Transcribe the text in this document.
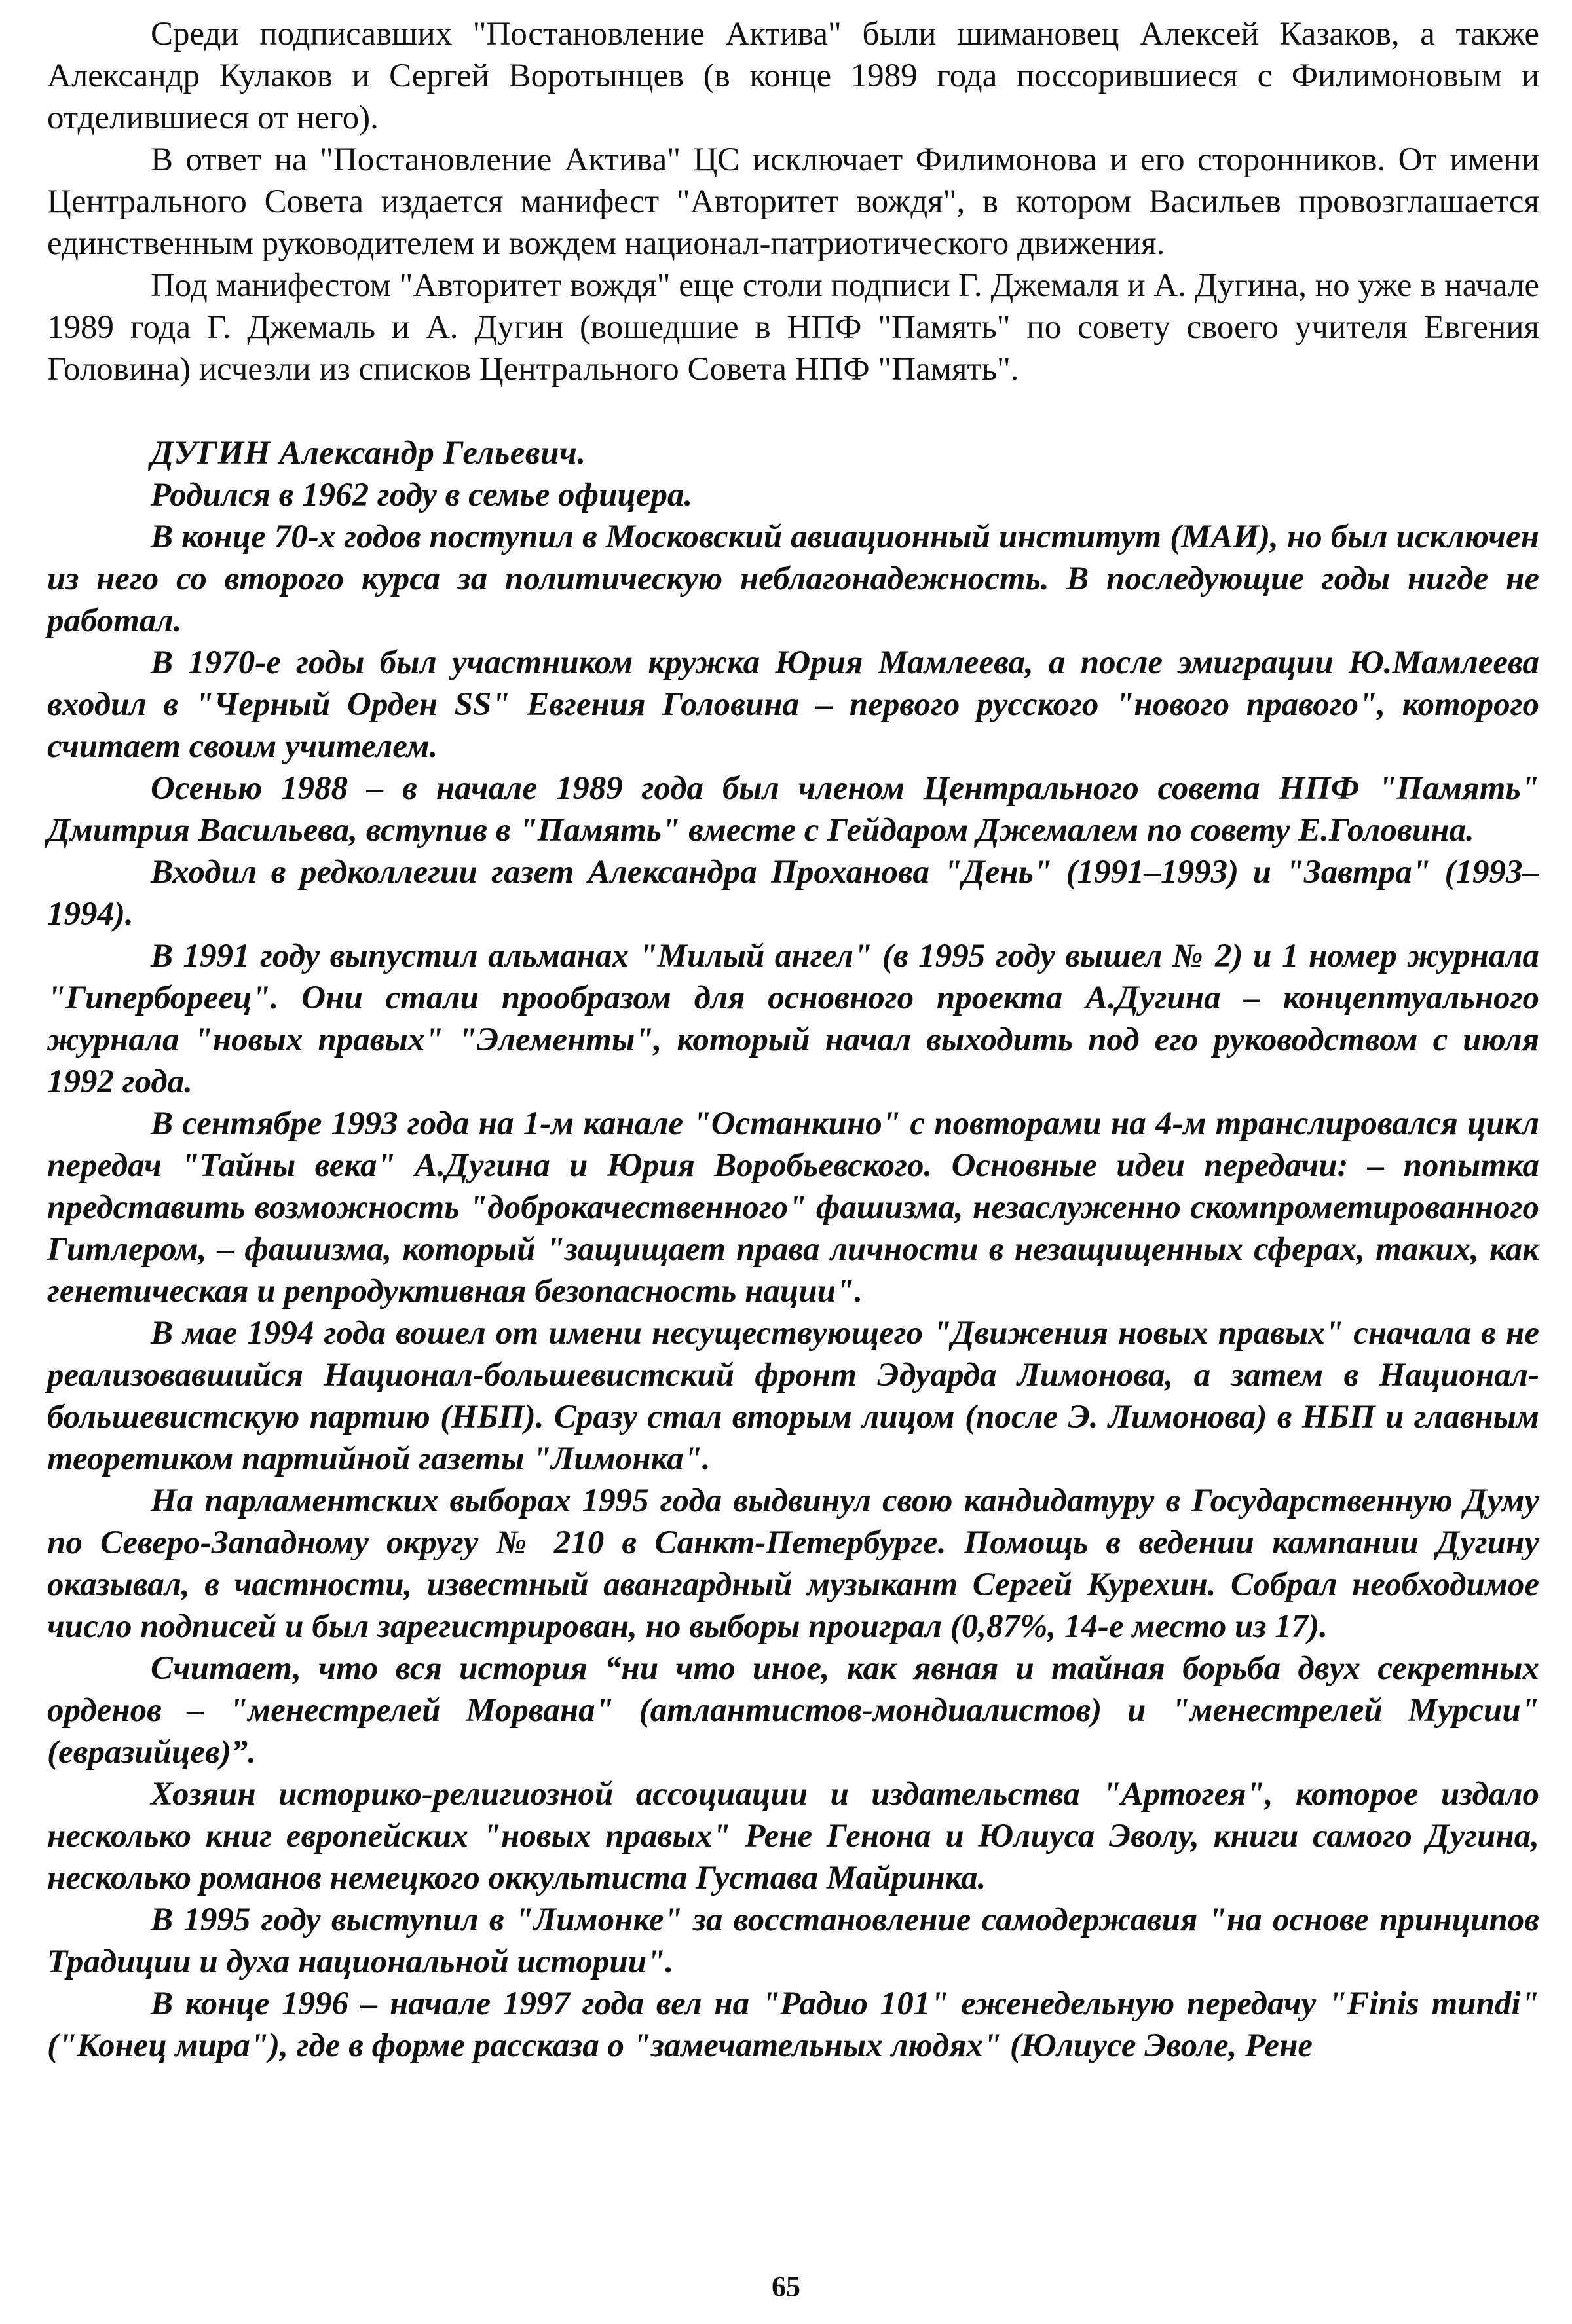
Среди подписавших "Постановление Актива" были шимановец Алексей Казаков, а также Александр Кулаков и Сергей Воротынцев (в конце 1989 года поссорившиеся с Филимоновым и отделившиеся от него).

В ответ на "Постановление Актива" ЦС исключает Филимонова и его сторонников. От имени Центрального Совета издается манифест "Авторитет вождя", в котором Васильев провозглашается единственным руководителем и вождем национал-патриотического движения.

Под манифестом "Авторитет вождя" еще столи подписи Г. Джемаля и А. Дугина, но уже в начале 1989 года Г. Джемаль и А. Дугин (вошедшие в НПФ "Память" по совету своего учителя Евгения Головина) исчезли из списков Центрального Совета НПФ "Память".

ДУГИН Александр Гельевич.

Родился в 1962 году в семье офицера.

В конце 70-х годов поступил в Московский авиационный институт (МАИ), но был исключен из него со второго курса за политическую неблагонадежность. В последующие годы нигде не работал.

В 1970-е годы был участником кружка Юрия Мамлеева, а после эмиграции Ю.Мамлеева входил в "Черный Орден SS" Евгения Головина – первого русского "нового правого", которого считает своим учителем.

Осенью 1988 – в начале 1989 года был членом Центрального совета НПФ "Память" Дмитрия Васильева, вступив в "Память" вместе с Гейдаром Джемалем по совету Е.Головина.

Входил в редколлегии газет Александра Проханова "День" (1991–1993) и "Завтра" (1993–1994).

В 1991 году выпустил альманах "Милый ангел" (в 1995 году вышел № 2) и 1 номер журнала "Гиперборeец". Они стали прообразом для основного проекта А.Дугина – концептуального журнала "новых правых" "Элементы", который начал выходить под его руководством с июля 1992 года.

В сентябре 1993 года на 1-м канале "Останкино" с повторами на 4-м транслировался цикл передач "Тайны века" А.Дугина и Юрия Воробьевского. Основные идеи передачи: – попытка представить возможность "доброкачественного" фашизма, незаслуженно скомпрометированного Гитлером, – фашизма, который "защищает права личности в незащищенных сферах, таких, как генетическая и репродуктивная безопасность нации".

В мае 1994 года вошел от имени несуществующего "Движения новых правых" сначала в не реализовавшийся Национал-большевистский фронт Эдуарда Лимонова, а затем в Национал-большевистскую партию (НБП). Сразу стал вторым лицом (после Э. Лимонова) в НБП и главным теоретиком партийной газеты "Лимонка".

На парламентских выборах 1995 года выдвинул свою кандидатуру в Государственную Думу по Северо-Западному округу № 210 в Санкт-Петербурге. Помощь в ведении кампании Дугину оказывал, в частности, известный авангардный музыкант Сергей Курехин. Собрал необходимое число подписей и был зарегистрирован, но выборы проиграл (0,87%, 14-е место из 17).

Считает, что вся история “ни что иное, как явная и тайная борьба двух секретных орденов – "менестрелей Морвана" (атлантистов-мондиалистов) и "менестрелей Мурсии" (евразийцев)”.

Хозяин историко-религиозной ассоциации и издательства "Артогея", которое издало несколько книг европейских "новых правых" Рене Генона и Юлиуса Эволу, книги самого Дугина, несколько романов немецкого оккультиста Густава Майринка.

В 1995 году выступил в "Лимонке" за восстановление самодержавия "на основе принципов Традиции и духа национальной истории".

В конце 1996 – начале 1997 года вел на "Радио 101" еженедельную передачу "Finis mundi" ("Конец мира"), где в форме рассказа о "замечательных людях" (Юлиусе Эволе, Рене

65
